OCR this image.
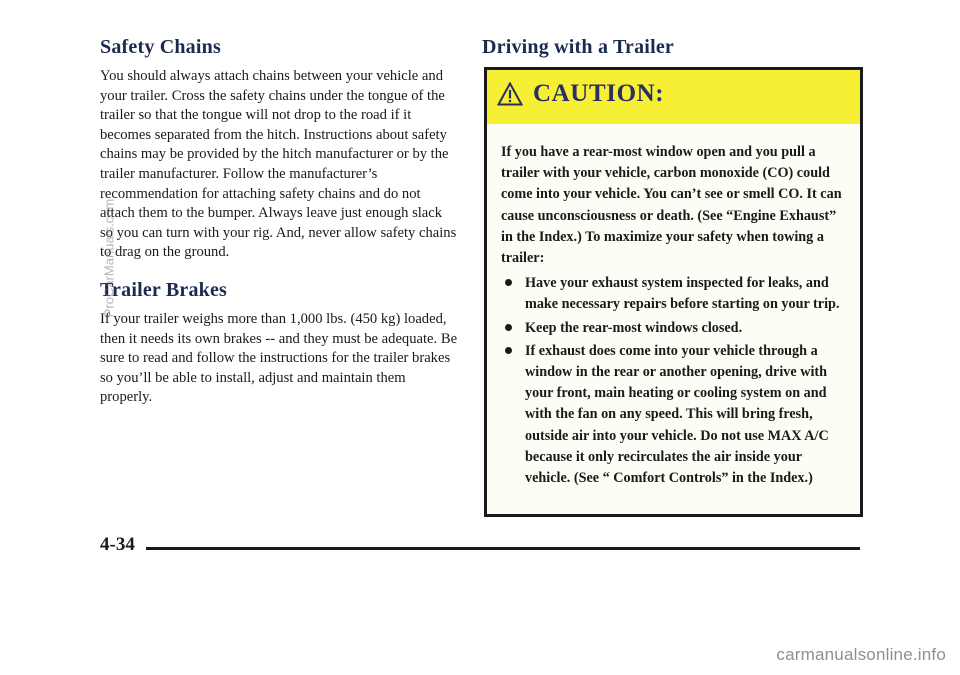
Safety Chains

You should always attach chains between your vehicle and your trailer. Cross the safety chains under the tongue of the trailer so that the tongue will not drop to the road if it becomes separated from the hitch. Instructions about safety chains may be provided by the hitch manufacturer or by the trailer manufacturer. Follow the manufacturer’s recommendation for attaching safety chains and do not attach them to the bumper. Always leave just enough slack so you can turn with your rig. And, never allow safety chains to drag on the ground.

Trailer Brakes

If your trailer weighs more than 1,000 lbs. (450 kg) loaded, then it needs its own brakes -- and they must be adequate. Be sure to read and follow the instructions for the trailer brakes so you’ll be able to install, adjust and maintain them properly.

Driving with a Trailer
CAUTION:

If you have a rear-most window open and you pull a trailer with your vehicle, carbon monoxide (CO) could come into your vehicle. You can’t see or smell CO. It can cause unconsciousness or death. (See “Engine Exhaust” in the Index.) To maximize your safety when towing a trailer:

Have your exhaust system inspected for leaks, and make necessary repairs before starting on your trip.
Keep the rear-most windows closed.
If exhaust does come into your vehicle through a window in the rear or another opening, drive with your front, main heating or cooling system on and with the fan on any speed. This will bring fresh, outside air into your vehicle. Do not use MAX A/C because it only recirculates the air inside your vehicle. (See “ Comfort Controls” in the Index.)
4-34
ProCarManuals.com
carmanualsonline.info
